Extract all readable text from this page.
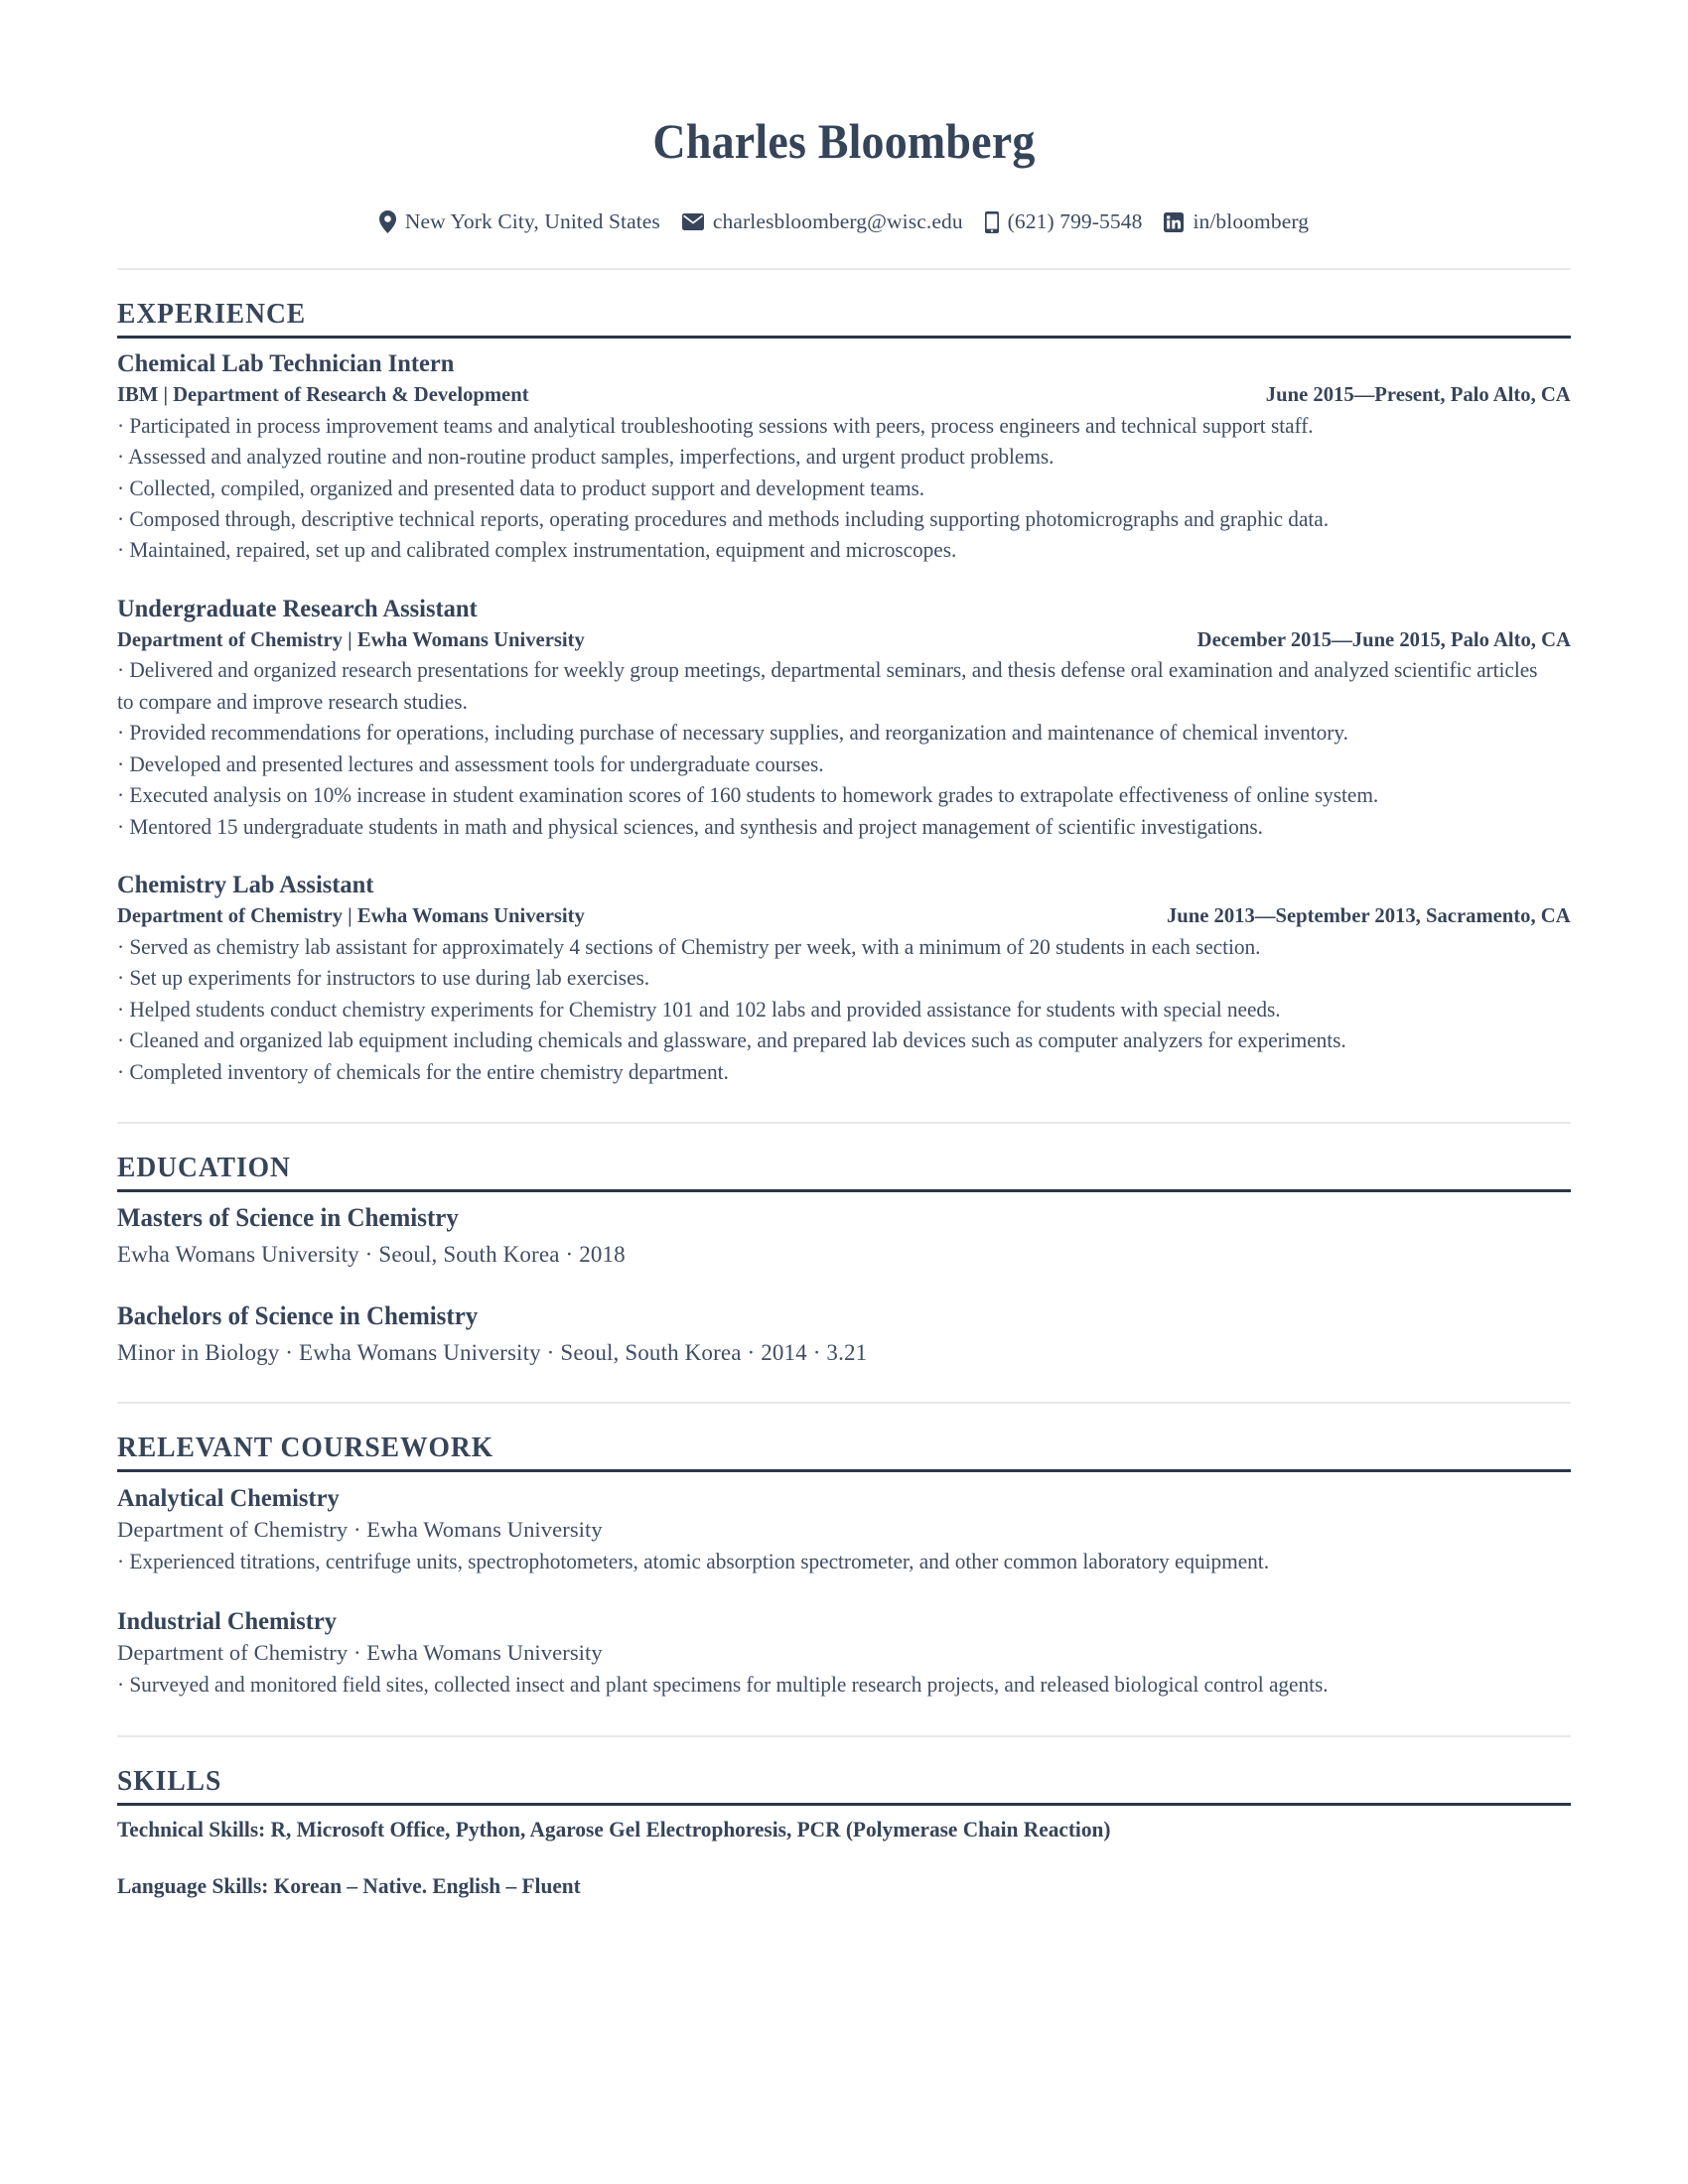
Charles Bloomberg
New York City, United States charlesbloomberg@wisc.edu (621) 799-5548 in/bloomberg
EXPERIENCE
Chemical Lab Technician Intern
IBM | Department of Research & Development	June 2015—Present, Palo Alto, CA
· Participated in process improvement teams and analytical troubleshooting sessions with peers, process engineers and technical support staff.
· Assessed and analyzed routine and non-routine product samples, imperfections, and urgent product problems.
· Collected, compiled, organized and presented data to product support and development teams.
· Composed through, descriptive technical reports, operating procedures and methods including supporting photomicrographs and graphic data.
· Maintained, repaired, set up and calibrated complex instrumentation, equipment and microscopes.
Undergraduate Research Assistant
Department of Chemistry | Ewha Womans University	December 2015—June 2015, Palo Alto, CA
· Delivered and organized research presentations for weekly group meetings, departmental seminars, and thesis defense oral examination and analyzed scientific articles to compare and improve research studies.
· Provided recommendations for operations, including purchase of necessary supplies, and reorganization and maintenance of chemical inventory.
· Developed and presented lectures and assessment tools for undergraduate courses.
· Executed analysis on 10% increase in student examination scores of 160 students to homework grades to extrapolate effectiveness of online system.
· Mentored 15 undergraduate students in math and physical sciences, and synthesis and project management of scientific investigations.
Chemistry Lab Assistant
Department of Chemistry | Ewha Womans University	June 2013—September 2013, Sacramento, CA
· Served as chemistry lab assistant for approximately 4 sections of Chemistry per week, with a minimum of 20 students in each section.
· Set up experiments for instructors to use during lab exercises.
· Helped students conduct chemistry experiments for Chemistry 101 and 102 labs and provided assistance for students with special needs.
· Cleaned and organized lab equipment including chemicals and glassware, and prepared lab devices such as computer analyzers for experiments.
· Completed inventory of chemicals for the entire chemistry department.
EDUCATION
Masters of Science in Chemistry
Ewha Womans University · Seoul, South Korea · 2018
Bachelors of Science in Chemistry
Minor in Biology · Ewha Womans University · Seoul, South Korea · 2014 · 3.21
RELEVANT COURSEWORK
Analytical Chemistry
Department of Chemistry · Ewha Womans University
· Experienced titrations, centrifuge units, spectrophotometers, atomic absorption spectrometer, and other common laboratory equipment.
Industrial Chemistry
Department of Chemistry · Ewha Womans University
· Surveyed and monitored field sites, collected insect and plant specimens for multiple research projects, and released biological control agents.
SKILLS
Technical Skills: R, Microsoft Office, Python, Agarose Gel Electrophoresis, PCR (Polymerase Chain Reaction)
Language Skills: Korean – Native. English – Fluent
